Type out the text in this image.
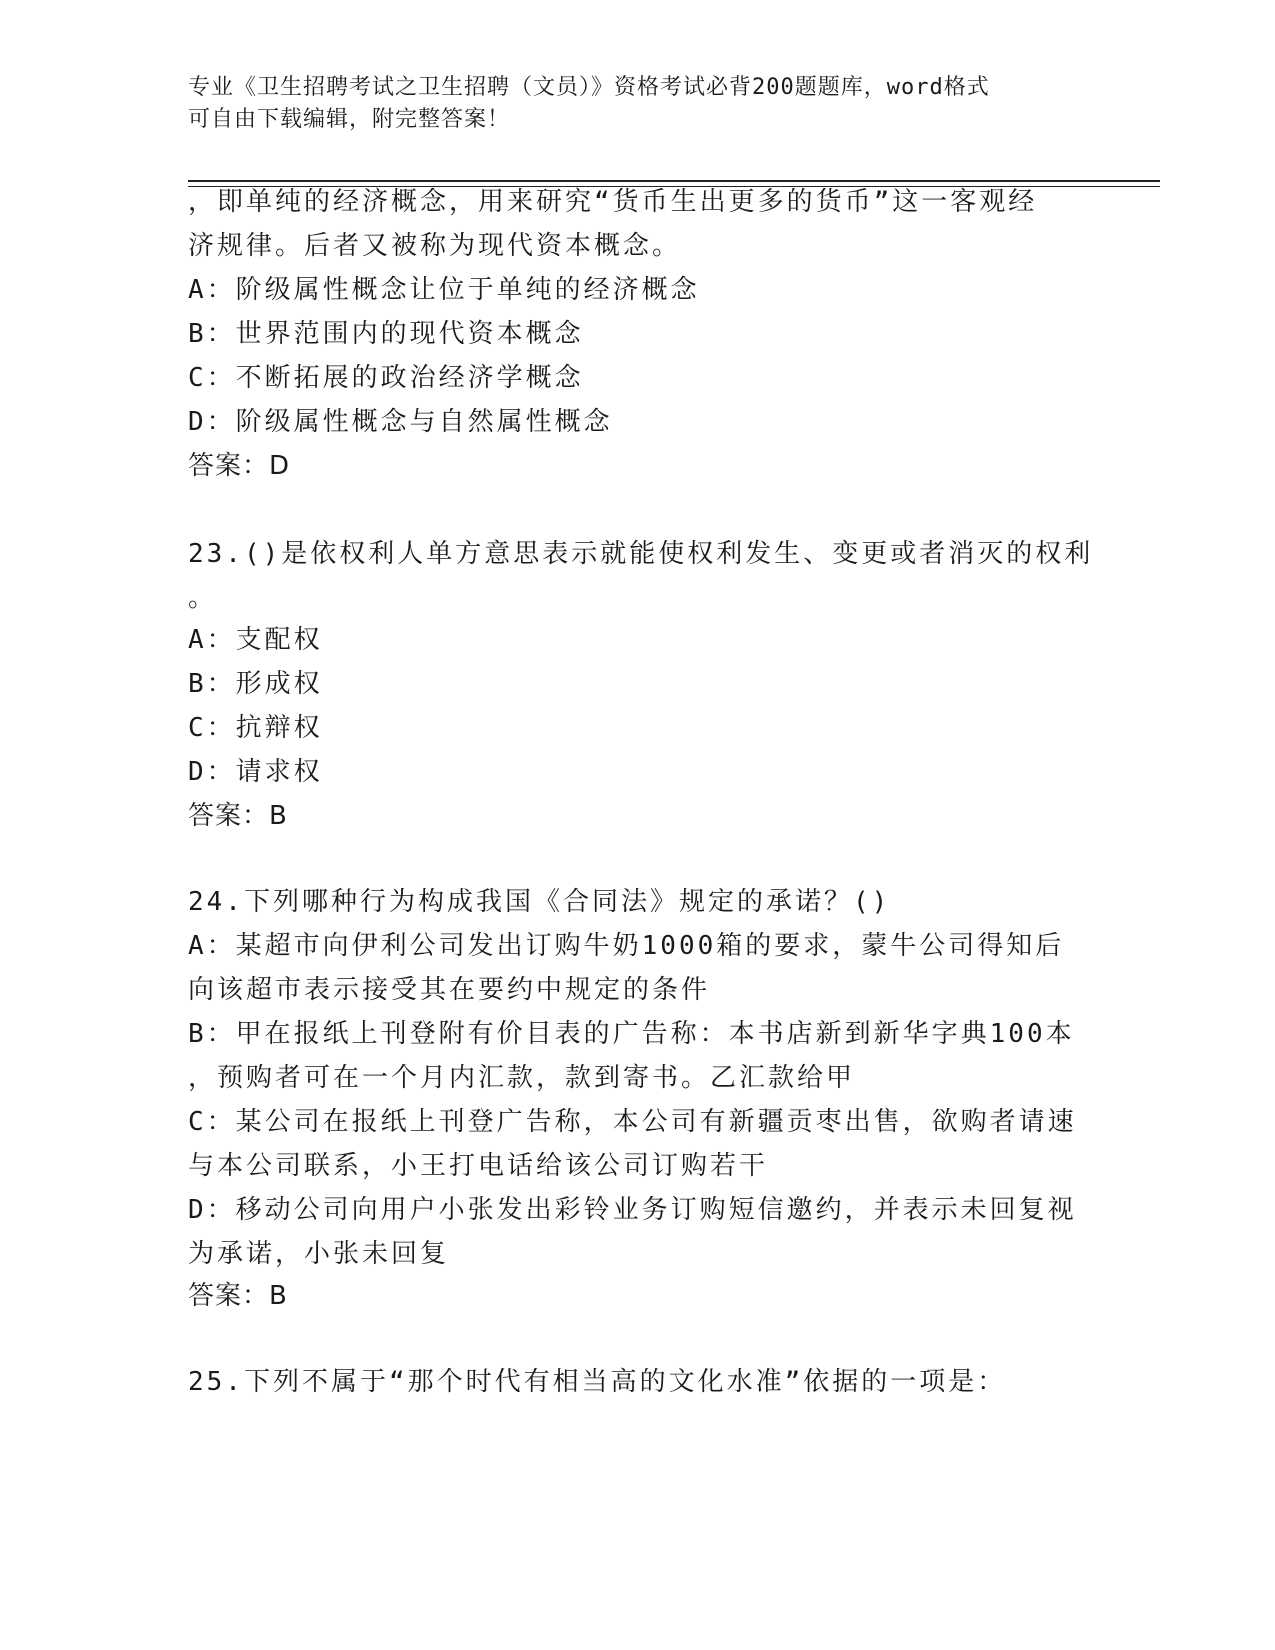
专业《卫生招聘考试之卫生招聘（文员）》资格考试必背200题题库，word格式
可自由下载编辑，附完整答案！
，即单纯的经济概念，用来研究“货币生出更多的货币”这一客观经
济规律。后者又被称为现代资本概念。
A：阶级属性概念让位于单纯的经济概念
B：世界范围内的现代资本概念
C：不断拓展的政治经济学概念
D：阶级属性概念与自然属性概念
答案：D
23.()是依权利人单方意思表示就能使权利发生、变更或者消灭的权利
。
A：支配权
B：形成权
C：抗辩权
D：请求权
答案：B
24.下列哪种行为构成我国《合同法》规定的承诺？()
A：某超市向伊利公司发出订购牛奶1000箱的要求，蒙牛公司得知后
向该超市表示接受其在要约中规定的条件
B：甲在报纸上刊登附有价目表的广告称：本书店新到新华字典100本
，预购者可在一个月内汇款，款到寄书。乙汇款给甲
C：某公司在报纸上刊登广告称，本公司有新疆贡枣出售，欲购者请速
与本公司联系，小王打电话给该公司订购若干
D：移动公司向用户小张发出彩铃业务订购短信邀约，并表示未回复视
为承诺，小张未回复
答案：B
25.下列不属于“那个时代有相当高的文化水准”依据的一项是：
